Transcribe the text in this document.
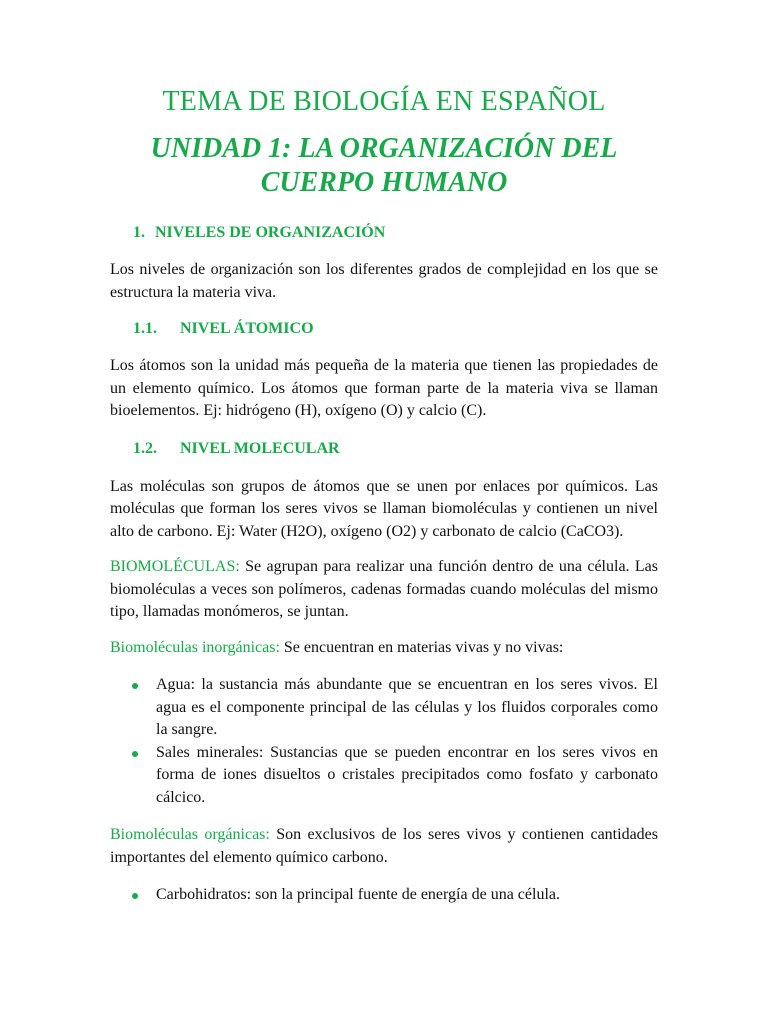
TEMA DE BIOLOGÍA EN ESPAÑOL
UNIDAD 1: LA ORGANIZACIÓN DEL
CUERPO HUMANO
1. NIVELES DE ORGANIZACIÓN

Los niveles de organización son los diferentes grados de complejidad en los que se estructura la materia viva.

1.1.	NIVEL ÁTOMICO

Los átomos son la unidad más pequeña de la materia que tienen las propiedades de un elemento químico. Los átomos que forman parte de la materia viva se llaman bioelementos. Ej: hidrógeno (H), oxígeno (O) y calcio (C).

1.2.	NIVEL MOLECULAR

Las moléculas son grupos de átomos que se unen por enlaces por químicos. Las moléculas que forman los seres vivos se llaman biomoléculas y contienen un nivel alto de carbono. Ej: Water (H2O), oxígeno (O2) y carbonato de calcio (CaCO3).

BIOMOLÉCULAS: Se agrupan para realizar una función dentro de una célula. Las biomoléculas a veces son polímeros, cadenas formadas cuando moléculas del mismo tipo, llamadas monómeros, se juntan.

Biomoléculas inorgánicas: Se encuentran en materias vivas y no vivas:

Agua: la sustancia más abundante que se encuentran en los seres vivos. El agua es el componente principal de las células y los fluidos corporales como la sangre.
Sales minerales: Sustancias que se pueden encontrar en los seres vivos en forma de iones disueltos o cristales precipitados como fosfato y carbonato cálcico.

Biomoléculas orgánicas: Son exclusivos de los seres vivos y contienen cantidades importantes del elemento químico carbono.

Carbohidratos: son la principal fuente de energía de una célula.
